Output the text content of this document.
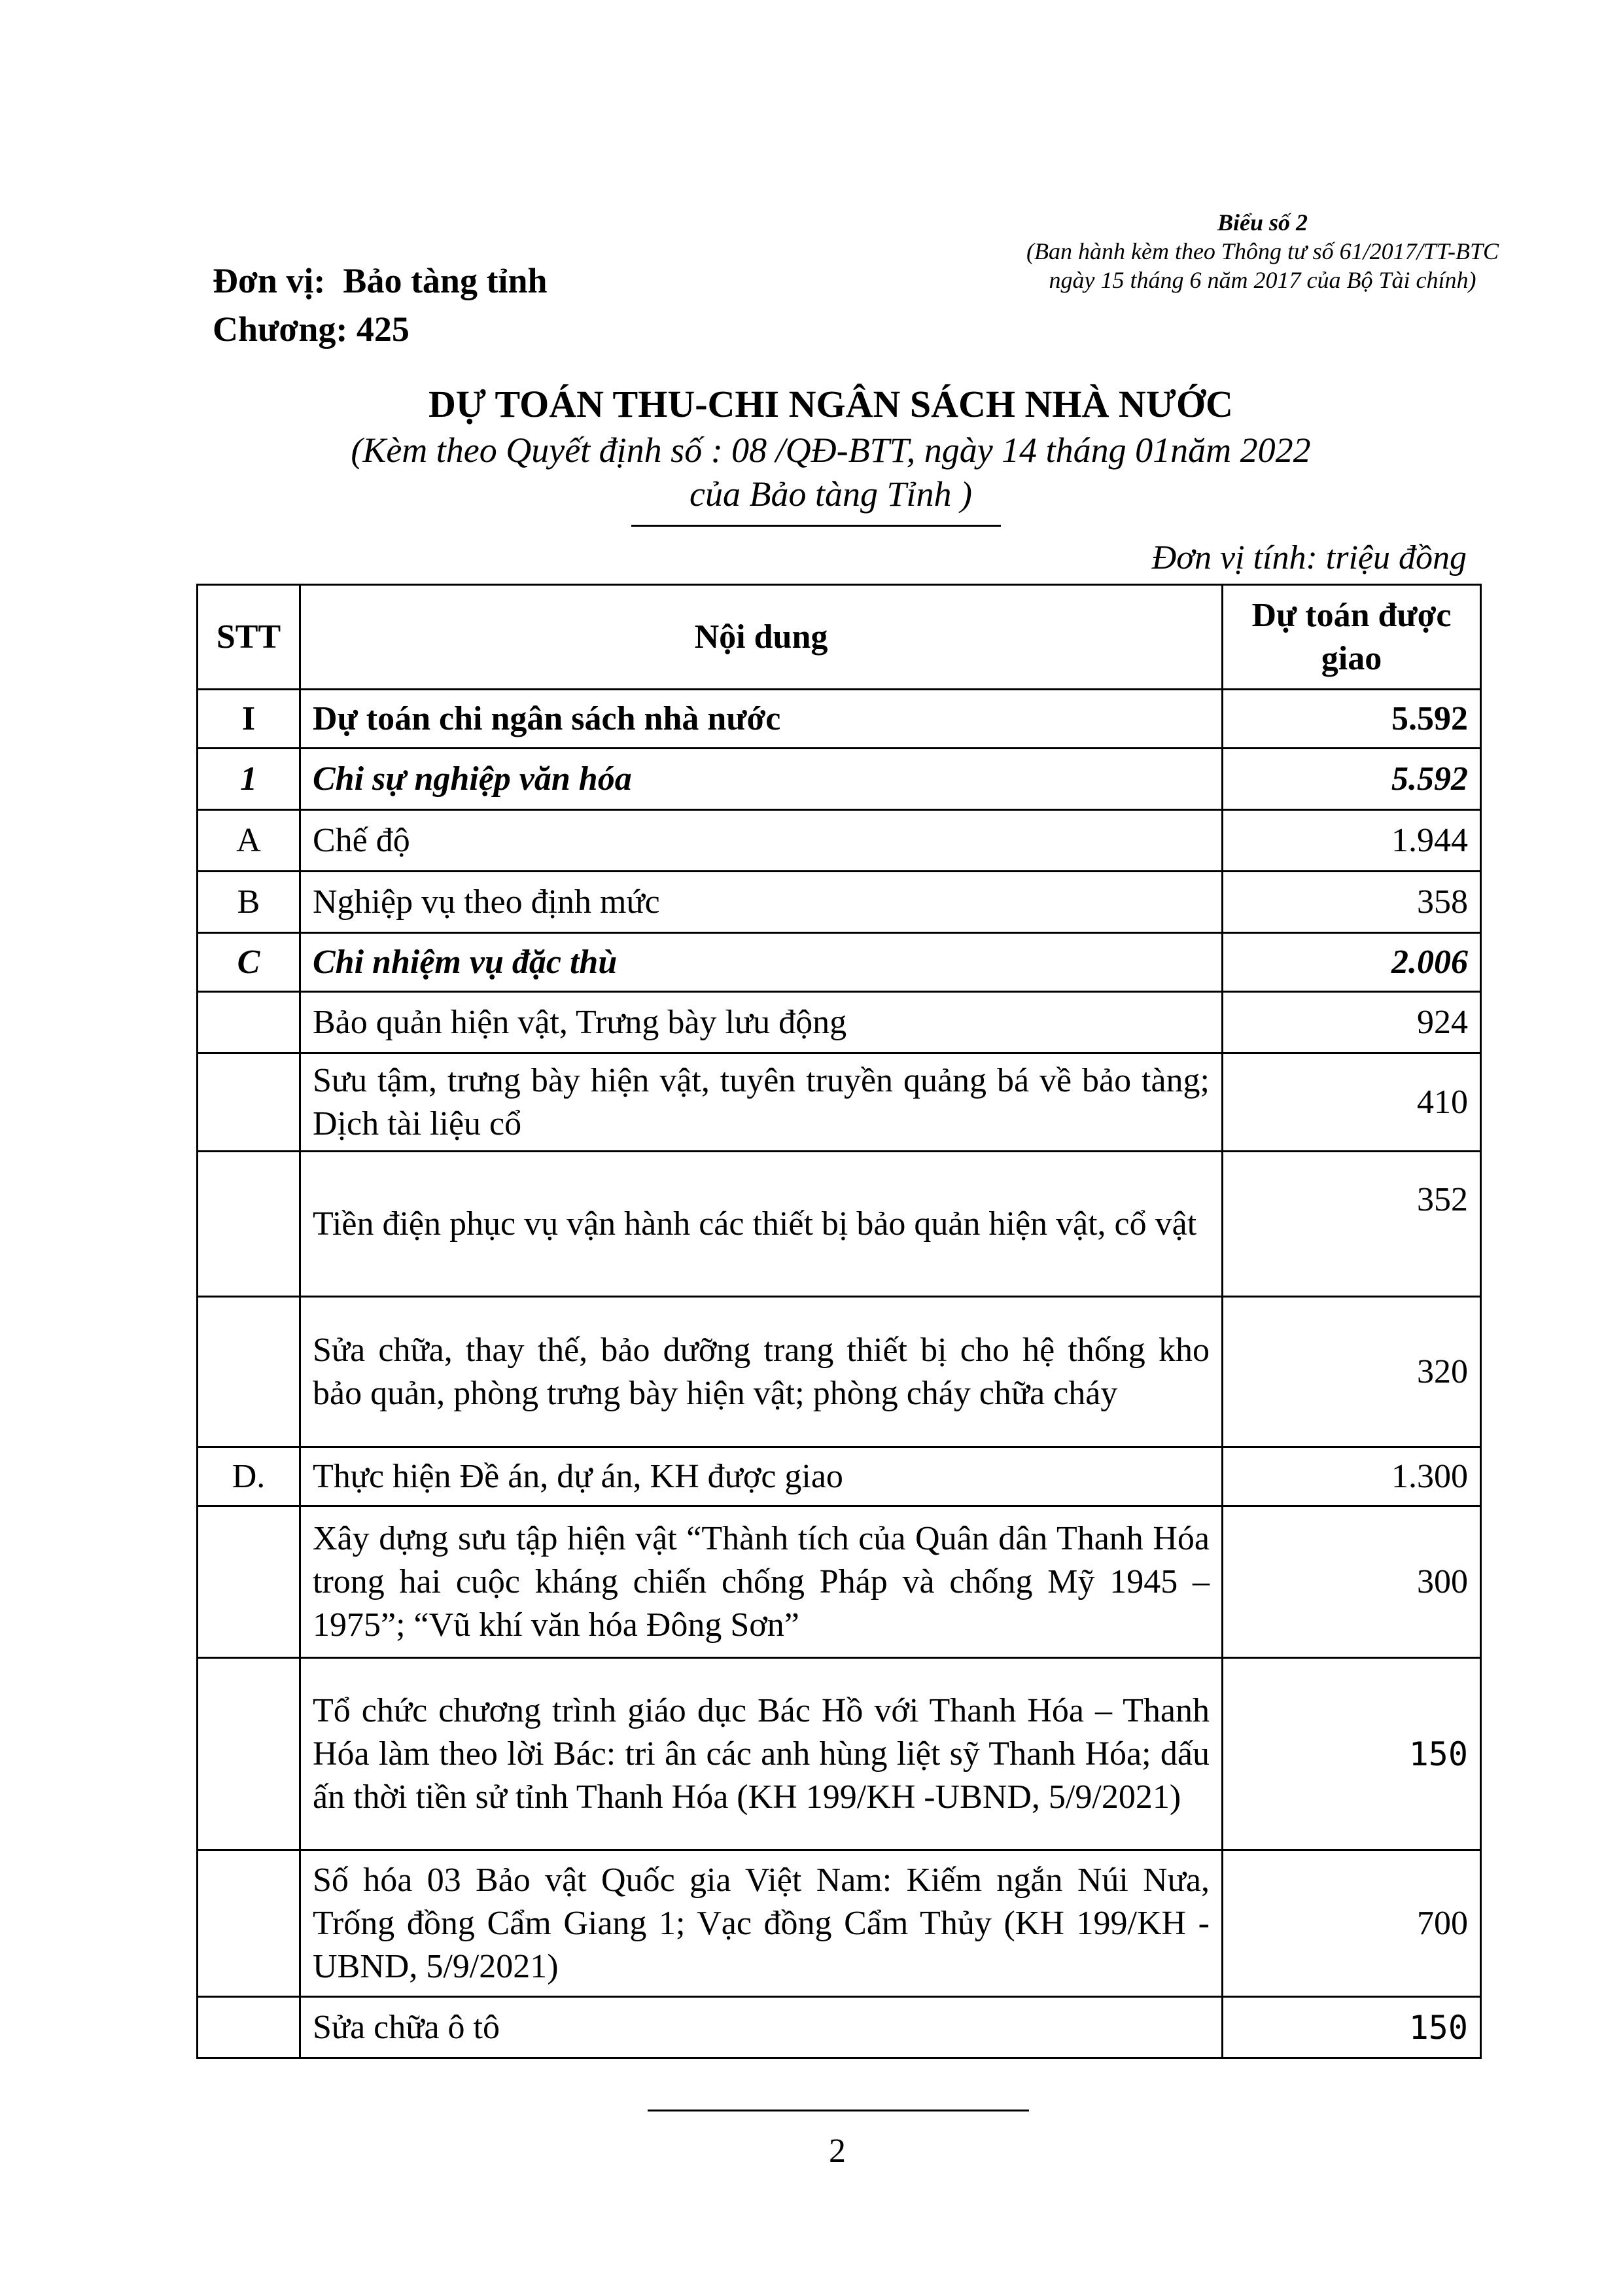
Đơn vị: Bảo tàng tỉnh
Chương: 425
Biểu số 2
(Ban hành kèm theo Thông tư số 61/2017/TT-BTC
ngày 15 tháng 6 năm 2017 của Bộ Tài chính)
DỰ TOÁN THU-CHI NGÂN SÁCH NHÀ NƯỚC
(Kèm theo Quyết định số : 08 /QĐ-BTT, ngày 14 tháng 01năm 2022
của Bảo tàng Tỉnh )
Đơn vị tính: triệu đồng
STT	Nội dung	Dự toán được
giao
I	Dự toán chi ngân sách nhà nước	5.592
1	Chi sự nghiệp văn hóa	5.592
A	Chế độ	1.944
B	Nghiệp vụ theo định mức	358
C	Chi nhiệm vụ đặc thù	2.006
	Bảo quản hiện vật, Trưng bày lưu động	924
	Sưu tậm, trưng bày hiện vật, tuyên truyền quảng bá về bảo tàng; Dịch tài liệu cổ	410
	Tiền điện phục vụ vận hành các thiết bị bảo quản hiện vật, cổ vật	352
	Sửa chữa, thay thế, bảo dưỡng trang thiết bị cho hệ thống kho bảo quản, phòng trưng bày hiện vật; phòng cháy chữa cháy	320
D.	Thực hiện Đề án, dự án, KH được giao	1.300
	Xây dựng sưu tập hiện vật “Thành tích của Quân dân Thanh Hóa trong hai cuộc kháng chiến chống Pháp và chống Mỹ 1945 – 1975”; “Vũ khí văn hóa Đông Sơn”	300
	Tổ chức chương trình giáo dục Bác Hồ với Thanh Hóa – Thanh Hóa làm theo lời Bác: tri ân các anh hùng liệt sỹ Thanh Hóa; dấu ấn thời tiền sử tỉnh Thanh Hóa (KH 199/KH -UBND, 5/9/2021)	150
	Số hóa 03 Bảo vật Quốc gia Việt Nam: Kiếm ngắn Núi Nưa, Trống đồng Cẩm Giang 1; Vạc đồng Cẩm Thủy (KH 199/KH -UBND, 5/9/2021)	700
	Sửa chữa ô tô	150
2
